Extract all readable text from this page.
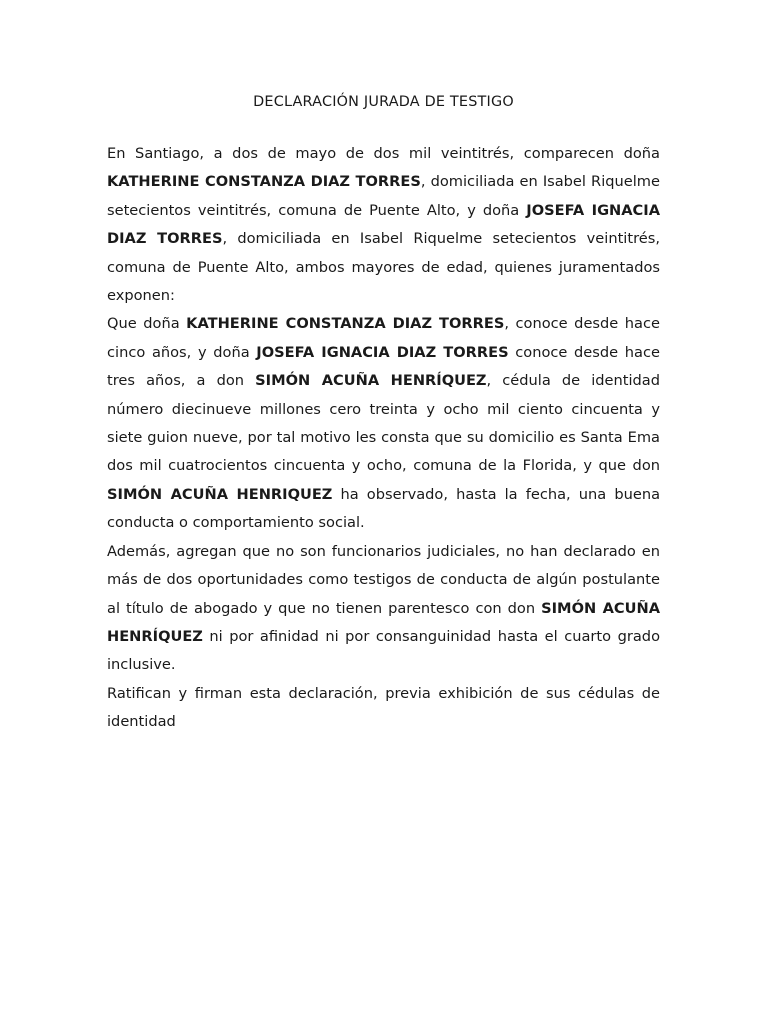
DECLARACIÓN JURADA DE TESTIGO

En Santiago, a dos de mayo de dos mil veintitrés, comparecen doña KATHERINE CONSTANZA DIAZ TORRES, domiciliada en Isabel Riquelme setecientos veintitrés, comuna de Puente Alto, y doña JOSEFA IGNACIA DIAZ TORRES, domiciliada en Isabel Riquelme setecientos veintitrés, comuna de Puente Alto, ambos mayores de edad, quienes juramentados exponen:

Que doña KATHERINE CONSTANZA DIAZ TORRES, conoce desde hace cinco años, y doña JOSEFA IGNACIA DIAZ TORRES conoce desde hace tres años, a don SIMÓN ACUÑA HENRÍQUEZ, cédula de identidad número diecinueve millones cero treinta y ocho mil ciento cincuenta y siete guion nueve, por tal motivo les consta que su domicilio es Santa Ema dos mil cuatrocientos cincuenta y ocho, comuna de la Florida, y que don SIMÓN ACUÑA HENRIQUEZ ha observado, hasta la fecha, una buena conducta o comportamiento social.

Además, agregan que no son funcionarios judiciales, no han declarado en más de dos oportunidades como testigos de conducta de algún postulante al título de abogado y que no tienen parentesco con don SIMÓN ACUÑA HENRÍQUEZ ni por afinidad ni por consanguinidad hasta el cuarto grado inclusive.

Ratifican y firman esta declaración, previa exhibición de sus cédulas de identidad
